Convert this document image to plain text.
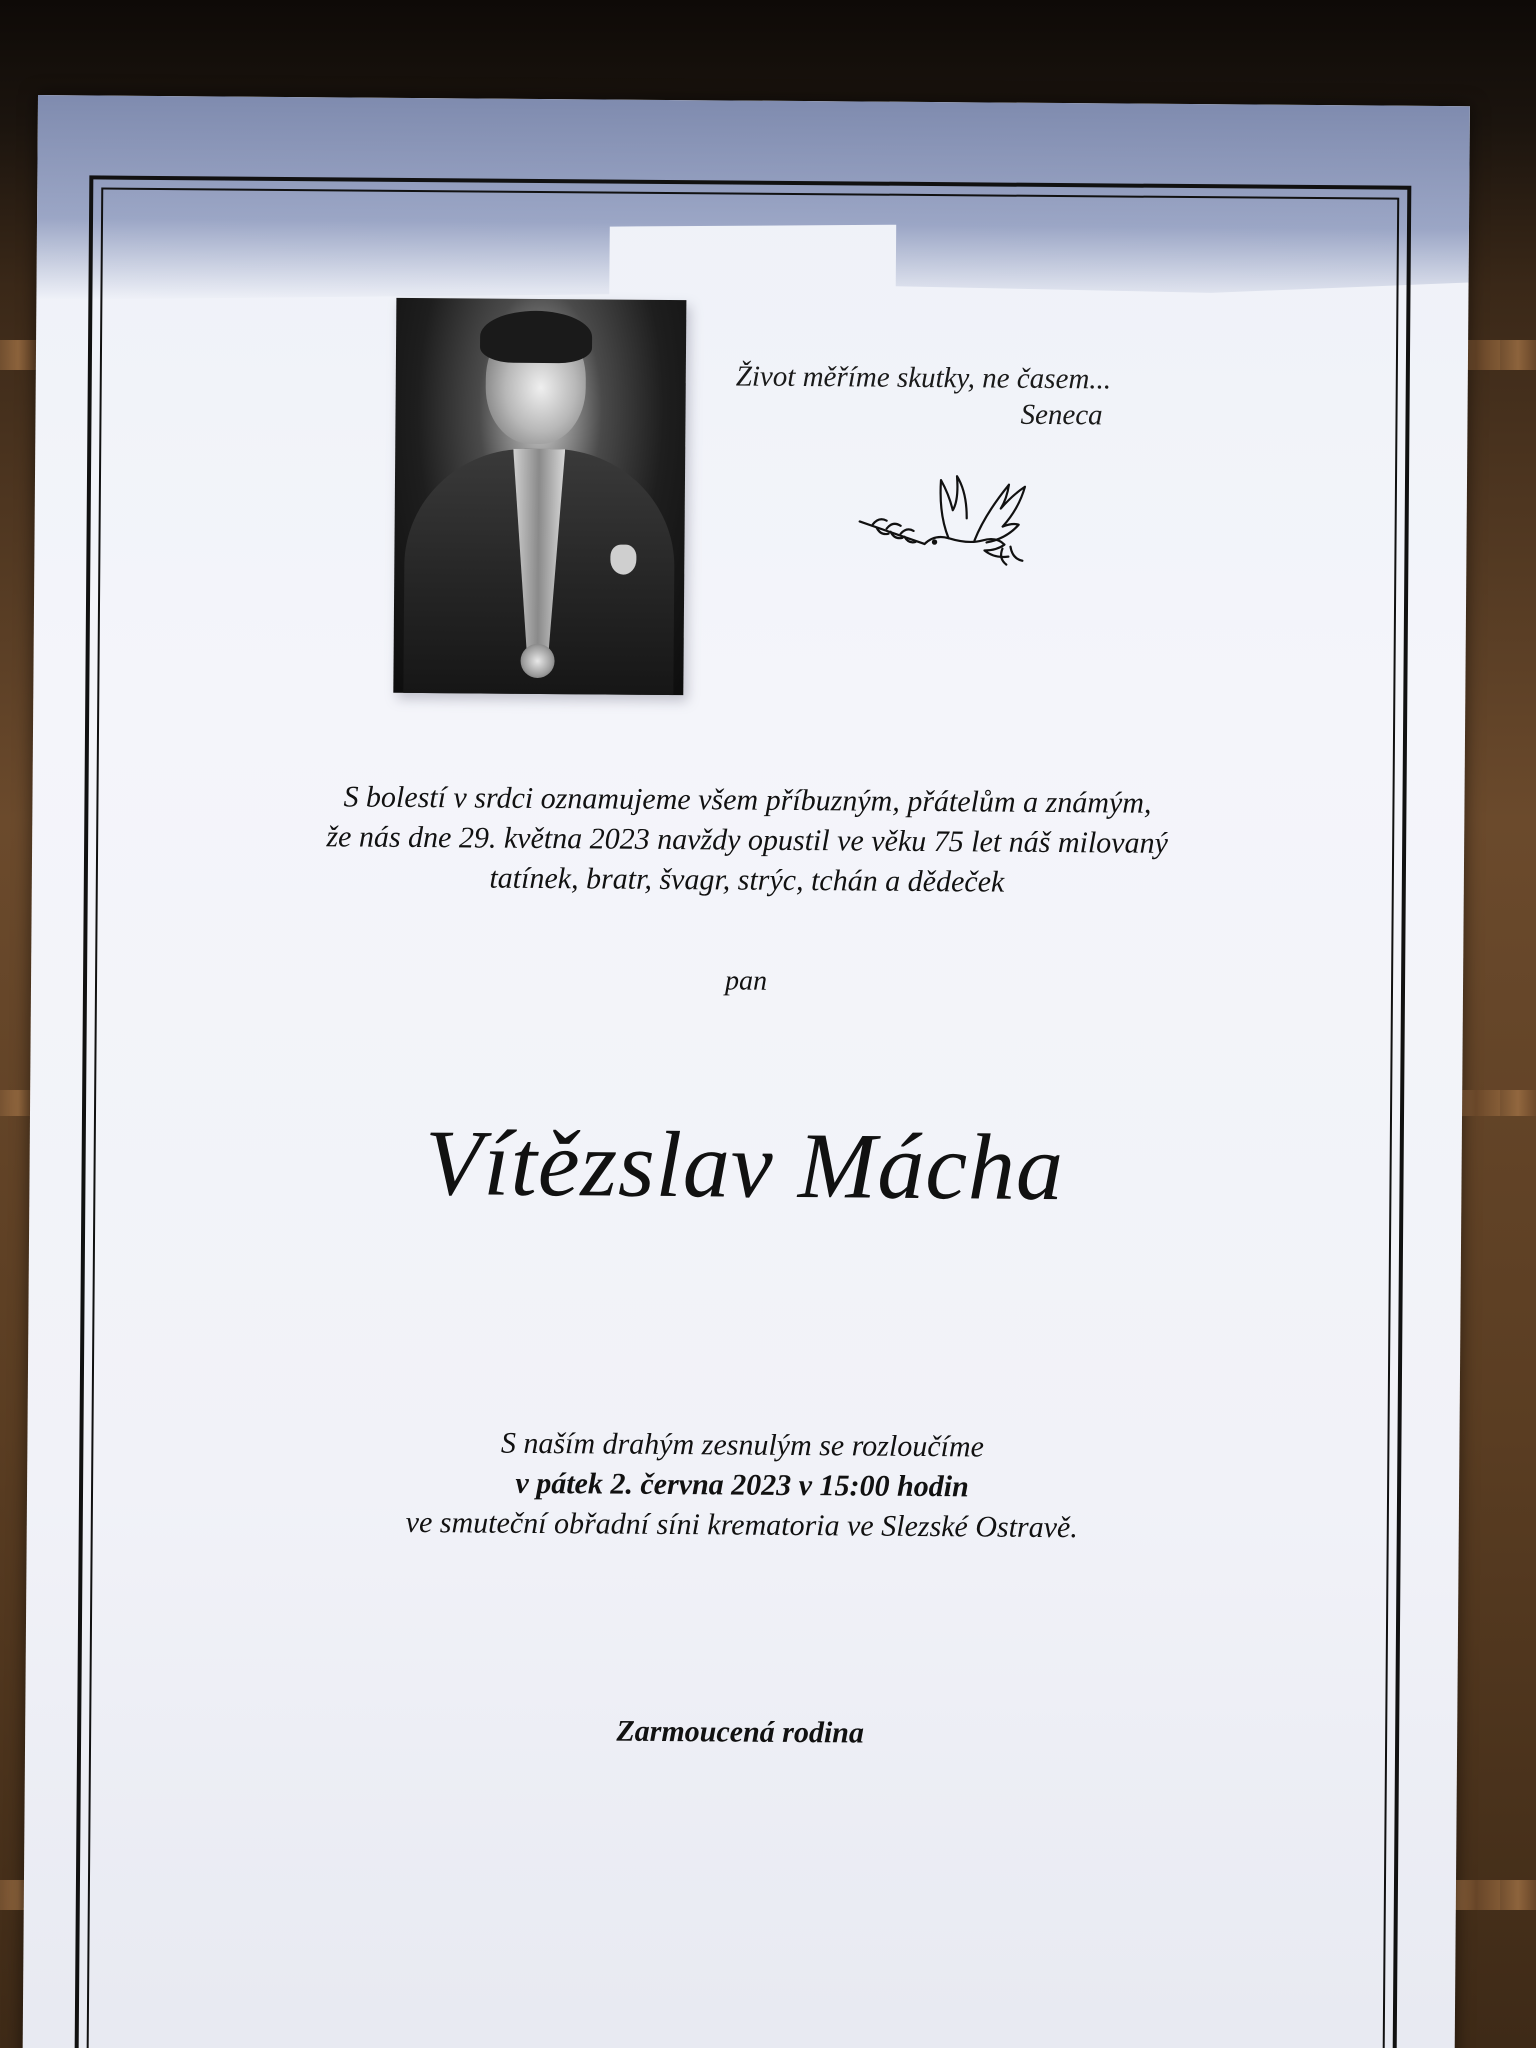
Život měříme skutky, ne časem...
Seneca
S bolestí v srdci oznamujeme všem příbuzným, přátelům a známým,
že nás dne 29. května 2023 navždy opustil ve věku 75 let náš milovaný
tatínek, bratr, švagr, strýc, tchán a dědeček
pan
Vítězslav Mácha
S naším drahým zesnulým se rozloučíme
v pátek 2. června 2023 v 15:00 hodin
ve smuteční obřadní síni krematoria ve Slezské Ostravě.
Zarmoucená rodina
